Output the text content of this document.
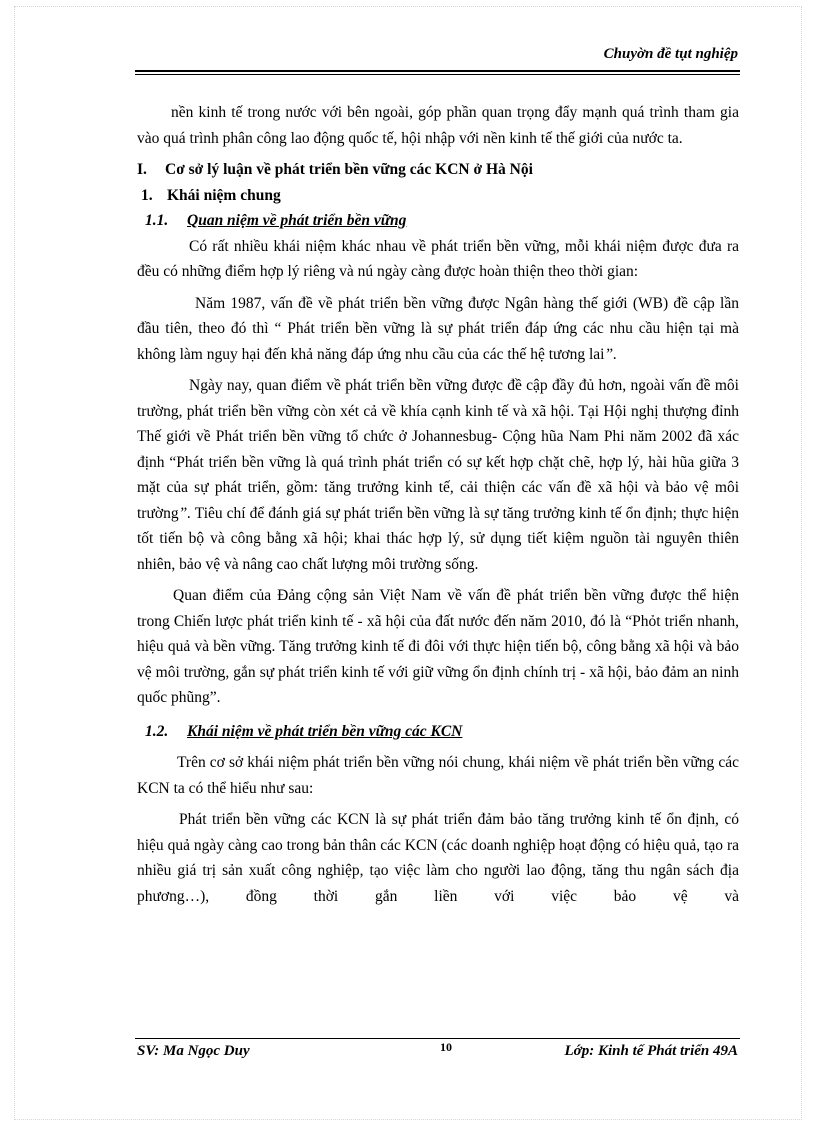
Chuyờn đề tụt nghiệp

nền kinh tế trong nước với bên ngoài, góp phần quan trọng đẩy mạnh quá trình tham gia vào quá trình phân công lao động quốc tế, hội nhập với nền kinh tế thế giới của nước ta.

I. Cơ sở lý luận về phát triển bền vững các KCN ở Hà Nội

1. Khái niệm chung

1.1. Quan niệm về phát triển bền vững

Có rất nhiều khái niệm khác nhau về phát triển bền vững, mỗi khái niệm được đưa ra đều có những điểm hợp lý riêng và nú ngày càng được hoàn thiện theo thời gian:

Năm 1987, vấn đề về phát triển bền vững được Ngân hàng thế giới (WB) đề cập lần đầu tiên, theo đó thì “ Phát triển bền vững là sự phát triển đáp ứng các nhu cầu hiện tại mà không làm nguy hại đến khả năng đáp ứng nhu cầu của các thế hệ tương lai”.

Ngày nay, quan điểm về phát triển bền vững được đề cập đầy đủ hơn, ngoài vấn đề môi trường, phát triển bền vững còn xét cả về khía cạnh kinh tế và xã hội. Tại Hội nghị thượng đỉnh Thế giới về Phát triển bền vững tổ chức ở Johannesbug- Cộng hũa Nam Phi năm 2002 đã xác định “Phát triển bền vững là quá trình phát triển có sự kết hợp chặt chẽ, hợp lý, hài hũa giữa 3 mặt của sự phát triển, gồm: tăng trưởng kinh tế, cải thiện các vấn đề xã hội và bảo vệ môi trường”. Tiêu chí để đánh giá sự phát triển bền vững là sự tăng trưởng kinh tế ổn định; thực hiện tốt tiến bộ và công bằng xã hội; khai thác hợp lý, sử dụng tiết kiệm nguồn tài nguyên thiên nhiên, bảo vệ và nâng cao chất lượng môi trường sống.

Quan điểm của Đảng cộng sản Việt Nam về vấn đề phát triển bền vững được thể hiện trong Chiến lược phát triển kinh tế - xã hội của đất nước đến năm 2010, đó là “Phỏt triển nhanh, hiệu quả và bền vững. Tăng trưởng kinh tế đi đôi với thực hiện tiến bộ, công bằng xã hội và bảo vệ môi trường, gắn sự phát triển kinh tế với giữ vững ổn định chính trị - xã hội, bảo đảm an ninh quốc phũng”.

1.2. Khái niệm về phát triển bền vững các KCN

Trên cơ sở khái niệm phát triển bền vững nói chung, khái niệm về phát triển bền vững các KCN ta có thể hiểu như sau:

Phát triển bền vững các KCN là sự phát triển đảm bảo tăng trưởng kinh tế ổn định, có hiệu quả ngày càng cao trong bản thân các KCN (các doanh nghiệp hoạt động có hiệu quả, tạo ra nhiều giá trị sản xuất công nghiệp, tạo việc làm cho người lao động, tăng thu ngân sách địa phương…), đồng thời gắn liền với việc bảo vệ và

SV: Ma Ngọc Duy	10	Lớp: Kinh tế Phát triển 49A
